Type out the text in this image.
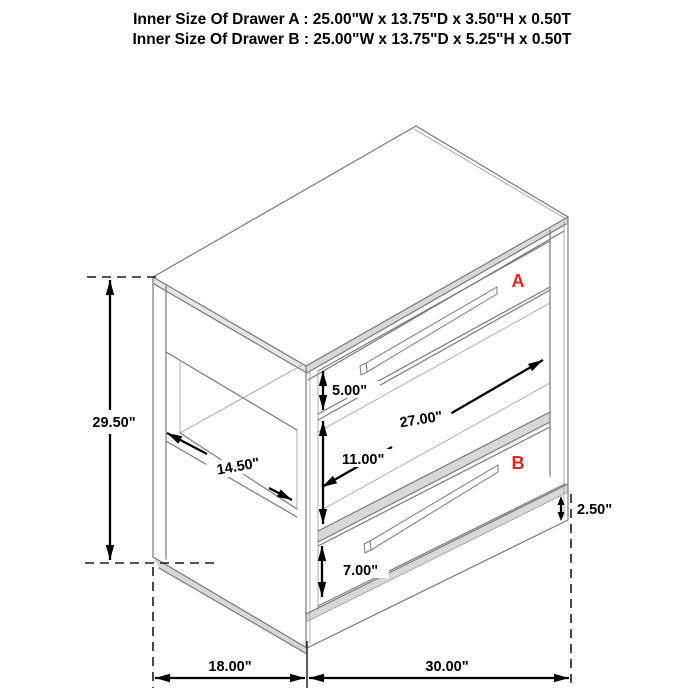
Inner Size Of Drawer A : 25.00"W x 13.75"D x 3.50"H x 0.50T
Inner Size Of Drawer B : 25.00"W x 13.75"D x 5.25"H x 0.50T
29.50"
18.00"	30.00"
5.00"
11.00"
7.00"
2.50"
14.50"
27.00"
A
B
